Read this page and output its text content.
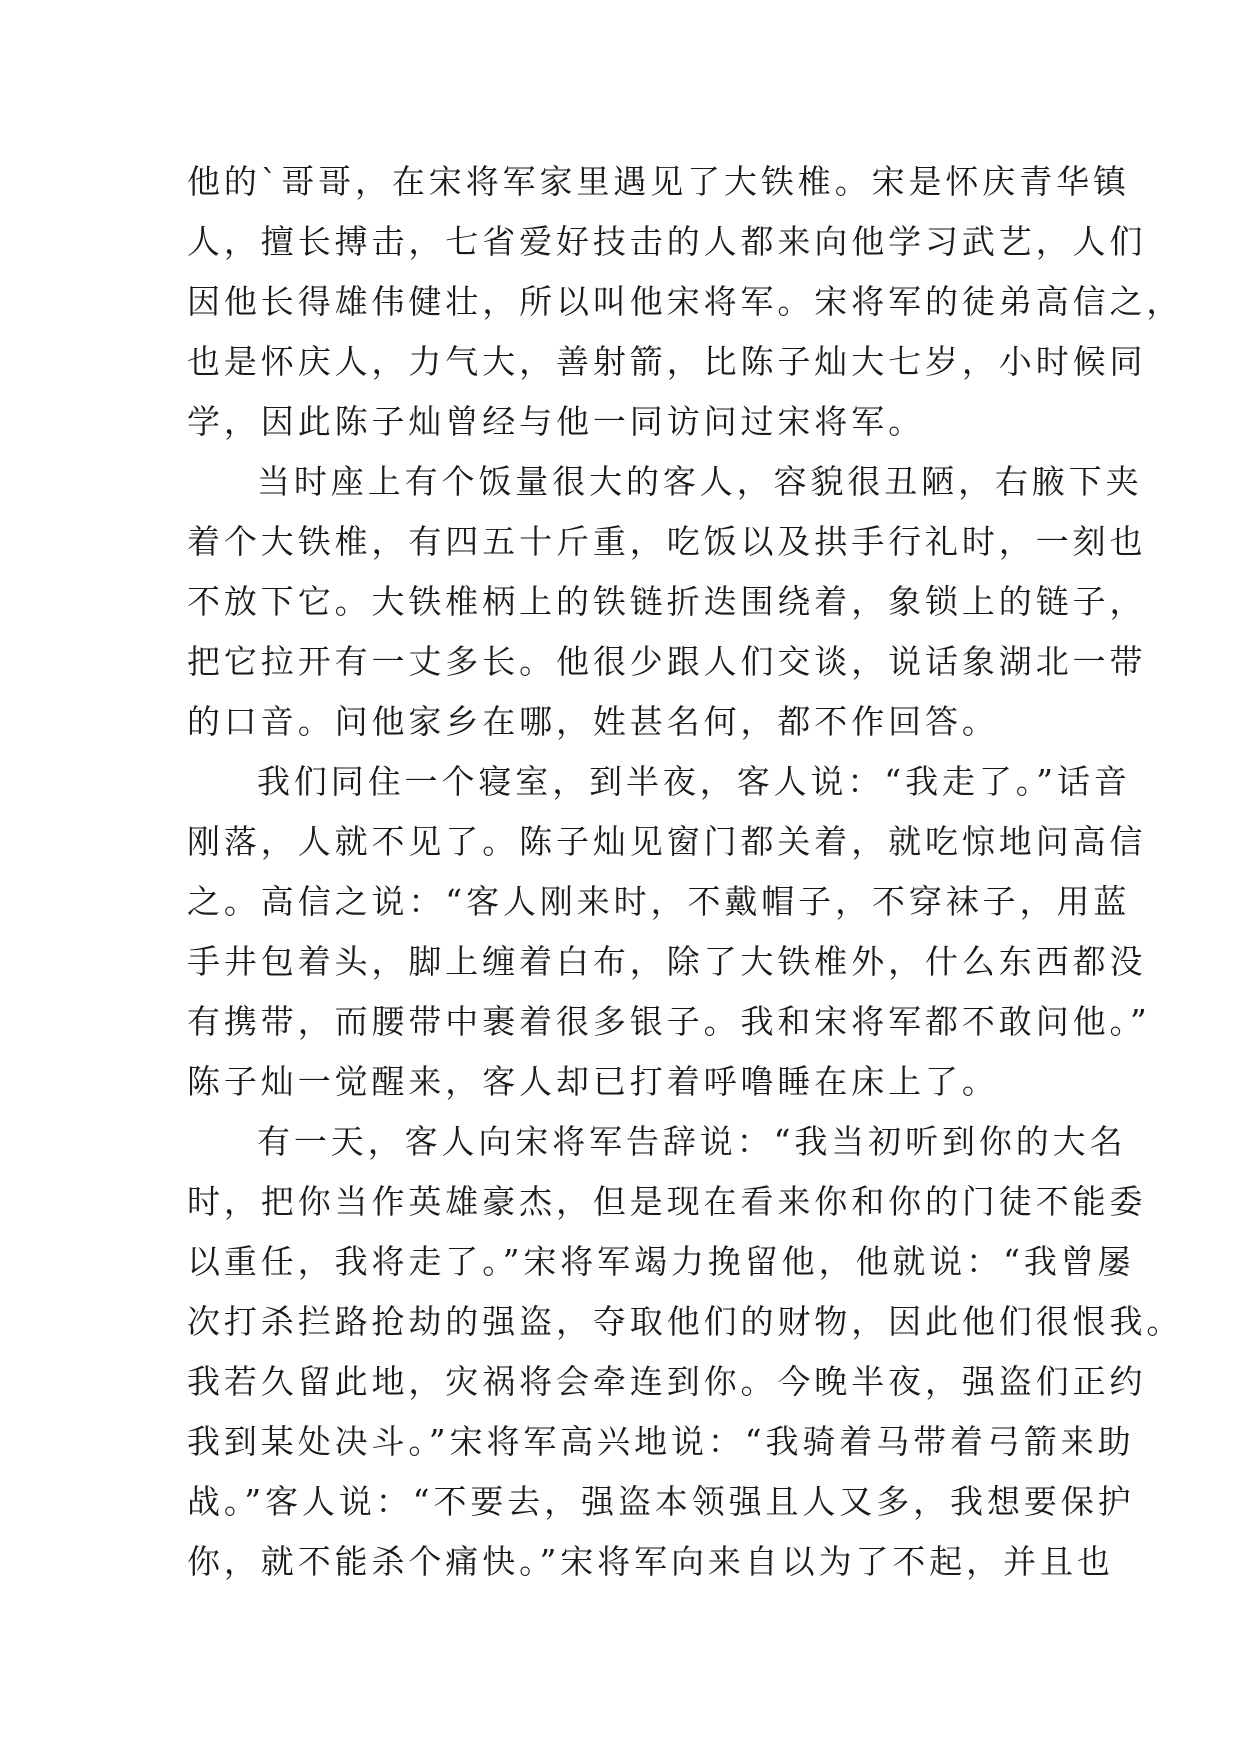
他的`哥哥，在宋将军家里遇见了大铁椎。宋是怀庆青华镇
人，擅长搏击，七省爱好技击的人都来向他学习武艺，人们
因他长得雄伟健壮，所以叫他宋将军。宋将军的徒弟高信之，
也是怀庆人，力气大，善射箭，比陈子灿大七岁，小时候同
学，因此陈子灿曾经与他一同访问过宋将军。
当时座上有个饭量很大的客人，容貌很丑陋，右腋下夹
着个大铁椎，有四五十斤重，吃饭以及拱手行礼时，一刻也
不放下它。大铁椎柄上的铁链折迭围绕着，象锁上的链子，
把它拉开有一丈多长。他很少跟人们交谈，说话象湖北一带
的口音。问他家乡在哪，姓甚名何，都不作回答。
我们同住一个寝室，到半夜，客人说：“我走了。”话音
刚落，人就不见了。陈子灿见窗门都关着，就吃惊地问高信
之。高信之说：“客人刚来时，不戴帽子，不穿袜子，用蓝
手井包着头，脚上缠着白布，除了大铁椎外，什么东西都没
有携带，而腰带中裹着很多银子。我和宋将军都不敢问他。”
陈子灿一觉醒来，客人却已打着呼噜睡在床上了。
有一天，客人向宋将军告辞说：“我当初听到你的大名
时，把你当作英雄豪杰，但是现在看来你和你的门徒不能委
以重任，我将走了。”宋将军竭力挽留他，他就说：“我曾屡
次打杀拦路抢劫的强盗，夺取他们的财物，因此他们很恨我。
我若久留此地，灾祸将会牵连到你。今晚半夜，强盗们正约
我到某处决斗。”宋将军高兴地说：“我骑着马带着弓箭来助
战。”客人说：“不要去，强盗本领强且人又多，我想要保护
你，就不能杀个痛快。”宋将军向来自以为了不起，并且也
